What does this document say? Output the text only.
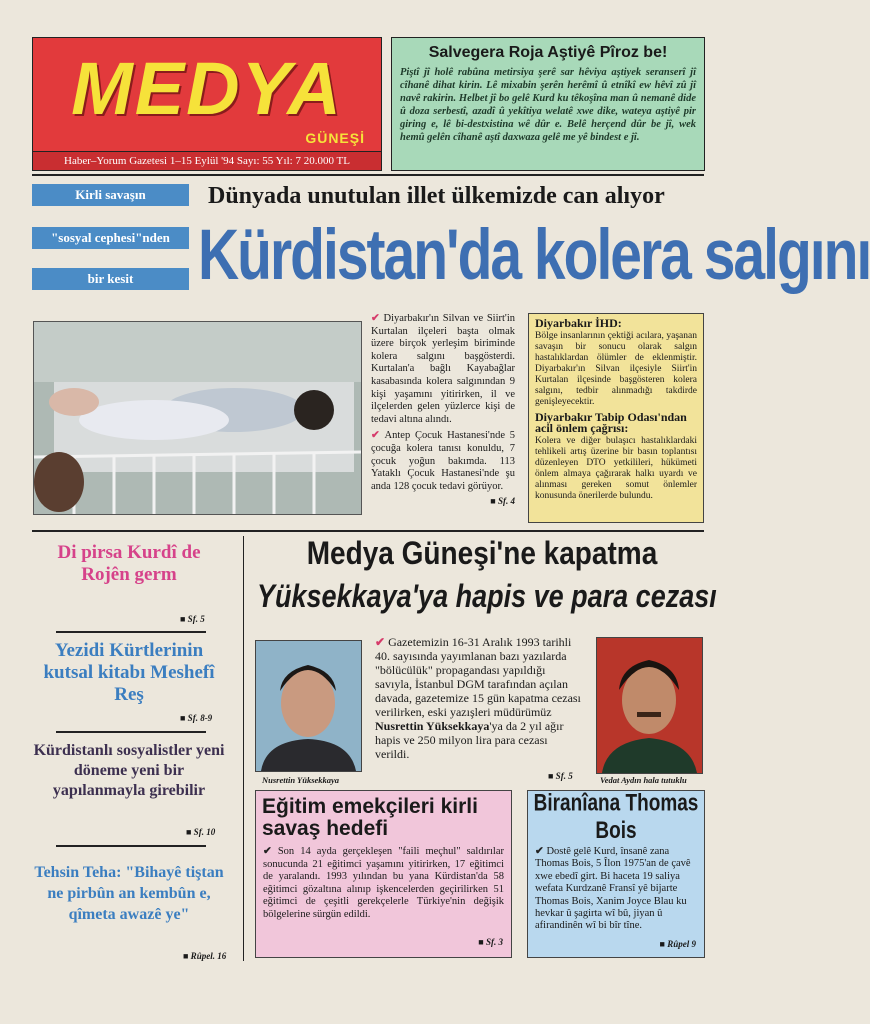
MEDYA
GÜNEŞİ
Haber–Yorum Gazetesi 1–15 Eylül '94 Sayı: 55 Yıl: 7 20.000 TL
Salvegera Roja Aştiyê Pîroz be!

Piştî jî holê rabûna metirsiya şerê sar hêviya aştiyek seranserî jî cîhanê dihat kirin. Lê mixabin şerên herêmî û etnîkî ew hêvî zû jî navê rakirin. Helbet jî bo gelê Kurd ku têkoşîna man û nemanê dide û doza serbestî, azadî û yekîtiya welatê xwe dike, wateya aştiyê pir giring e, lê bi-destxistina wê dûr e. Belê herçend dûr be jî, wek hemû gelên cîhanê aştî daxwaza gelê me yê bindest e jî.

Kirli savaşın
"sosyal cephesi"nden
bir kesit
Dünyada unutulan illet ülkemizde can alıyor
Kürdistan'da kolera salgını
✔ Diyarbakır'ın Silvan ve Siirt'in Kurtalan ilçeleri başta olmak üzere birçok yerleşim biriminde kolera salgını başgösterdi. Kurtalan'a bağlı Kayabağlar kasabasında kolera salgınından 9 kişi yaşamını yitirirken, il ve ilçelerden gelen yüzlerce kişi de tedavi altına alındı.
✔ Antep Çocuk Hastanesi'nde 5 çocuğa kolera tanısı konuldu, 7 çocuk yoğun bakımda. 113 Yataklı Çocuk Hastanesi'nde şu anda 128 çocuk tedavi görüyor.
■ Sf. 4
Diyarbakır İHD:

Bölge insanlarının çektiği acılara, yaşanan savaşın bir sonucu olarak salgın hastalıklardan ölümler de eklenmiştir. Diyarbakır'ın Silvan ilçesiyle Siirt'in Kurtalan ilçesinde başgösteren kolera salgını, tedbir alınmadığı takdirde genişleyecektir.

Diyarbakır Tabip Odası'ndan acil önlem çağrısı:

Kolera ve diğer bulaşıcı hastalıklardaki tehlikeli artış üzerine bir basın toplantısı düzenleyen DTO yetkilileri, hükümeti önlem almaya çağırarak halkı uyardı ve alınması gereken somut önlemler konusunda önerilerde bulundu.

Di pirsa Kurdî de Rojên germ
■ Sf. 5
Yezidi Kürtlerinin kutsal kitabı Meshefî Reş
■ Sf. 8-9
Kürdistanlı sosyalistler yeni döneme yeni bir yapılanmayla girebilir
■ Sf. 10
Tehsin Teha: "Bihayê tiştan ne pirbûn an kembûn e, qîmeta awazê ye"
■ Rûpel. 16
Medya Güneşi'ne kapatma
Yüksekkaya'ya hapis ve para cezası
Nusrettin Yüksekkaya
✔ Gazetemizin 16-31 Aralık 1993 tarihli 40. sayısında yayımlanan bazı yazılarda "bölücülük" propagandası yapıldığı savıyla, İstanbul DGM tarafından açılan davada, gazetemize 15 gün kapatma cezası verilirken, eski yazışleri müdürümüz Nusrettin Yüksekkaya'ya da 2 yıl ağır hapis ve 250 milyon lira para cezası verildi.
■ Sf. 5	Vedat Aydın hala tutuklu
Eğitim emekçileri kirli savaş hedefi

✔ Son 14 ayda gerçekleşen "faili meçhul" saldırılar sonucunda 21 eğitimci yaşamını yitirirken, 17 eğitimci de yaralandı. 1993 yılından bu yana Kürdistan'da 58 eğitimci gözaltına alınıp işkencelerden geçirilirken 51 eğitimci de çeşitli gerekçelerle Türkiye'nin değişik bölgelerine sürgün edildi.

■ Sf. 3
Biranîana Thomas Bois

✔ Dostê gelê Kurd, însanê zana Thomas Bois, 5 Îlon 1975'an de çavê xwe ebedî girt. Bi haceta 19 saliya wefata Kurdzanê Fransî yê bijarte Thomas Bois, Xanim Joyce Blau ku hevkar û şagirta wî bû, jiyan û afirandinên wî bi bîr tîne.

■ Rûpel 9
